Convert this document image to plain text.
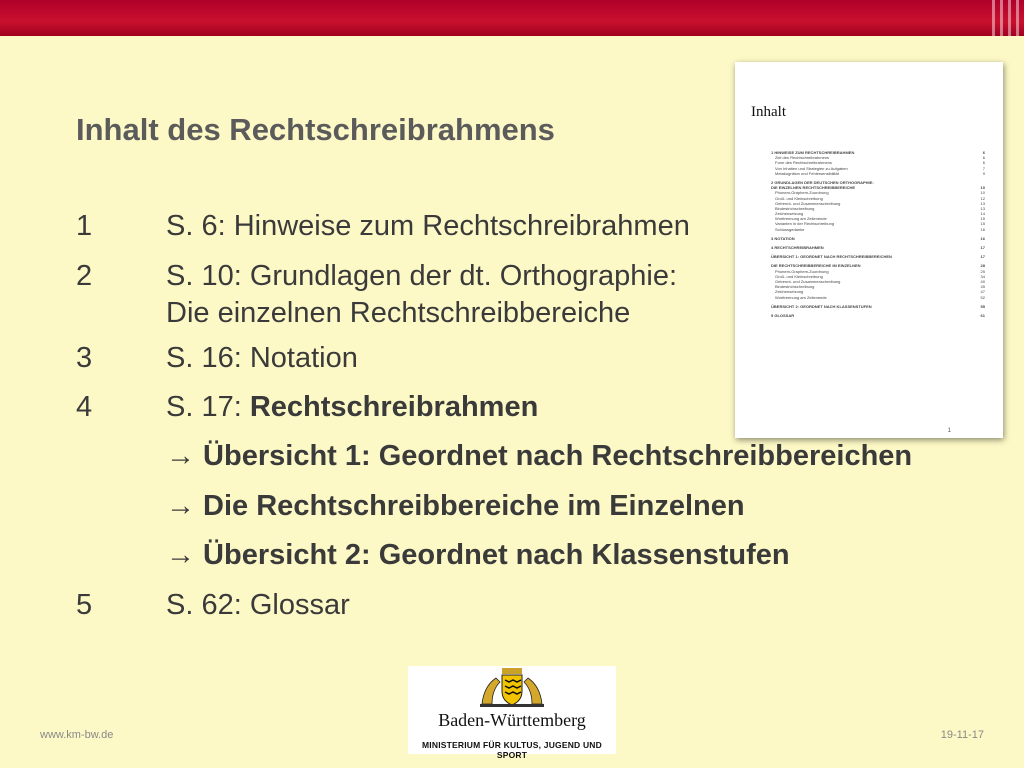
Inhalt des Rechtschreibrahmens
1	S. 6: Hinweise zum Rechtschreibrahmen
2	S. 10: Grundlagen der dt. Orthographie:
Die einzelnen Rechtschreibbereiche
3	S. 16: Notation
4	S. 17: Rechtschreibrahmen
→ Übersicht 1: Geordnet nach Rechtschreibbereichen
→ Die Rechtschreibbereiche im Einzelnen
→ Übersicht 2: Geordnet nach Klassenstufen
5	S. 62: Glossar
Inhalt
1 HINWEISE ZUM RECHTSCHREIBRAHMEN	6
Ziel des Rechtschreibrahmens	6
Form des Rechtschreibrahmens	6
Von Inhalten und Strategien zu Aufgaben	7
Metakognition und Fehlersensibilität	9
2 GRUNDLAGEN DER DEUTSCHEN ORTHOGRAPHIE:
DIE EINZELNEN RECHTSCHREIBBEREICHE	10
Phonem-Graphem-Zuordnung	10
Groß- und Kleinschreibung	12
Getrennt- und Zusammenschreibung	13
Bindestrichschreibung	13
Zeichensetzung	14
Worttrennung am Zeilenende	15
Varianten in der Rechtschreibung	15
Schlussgedanke	16
3 NOTATION	16
4 RECHTSCHREIBRAHMEN	17
ÜBERSICHT 1: GEORDNET NACH RECHTSCHREIBBEREICHEN	17
DIE RECHTSCHREIBBEREICHE IM EINZELNEN	28
Phonem-Graphem-Zuordnung	25
Groß- und Kleinschreibung	34
Getrennt- und Zusammenschreibung	40
Bindestrichschreibung	45
Zeichensetzung	47
Worttrennung am Zeilenende	52
ÜBERSICHT 2: GEORDNET NACH KLASSENSTUFEN	55
5 GLOSSAR	61
1
www.km-bw.de	19-11-17
Baden-Württemberg
MINISTERIUM FÜR KULTUS, JUGEND UND SPORT
